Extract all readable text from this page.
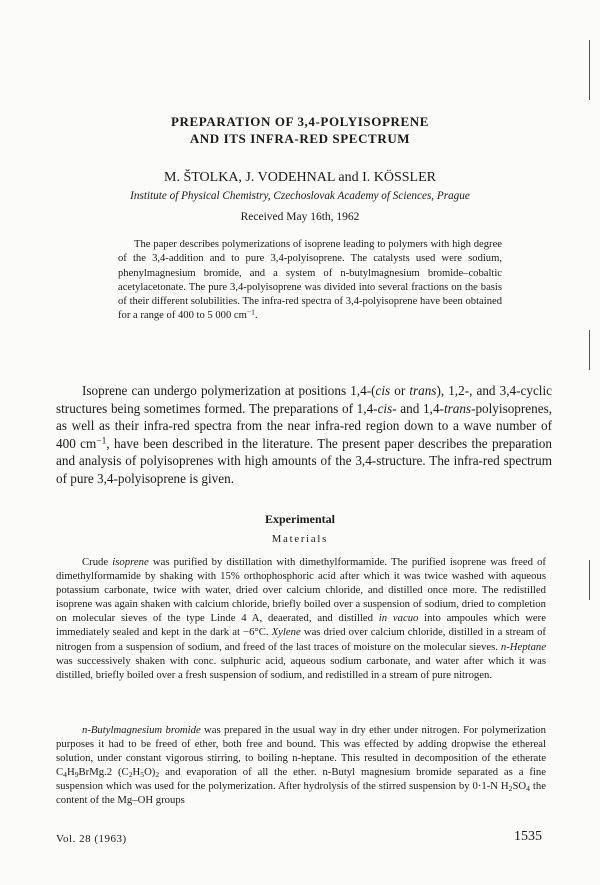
PREPARATION OF 3,4-POLYISOPRENE
AND ITS INFRA-RED SPECTRUM
M. ŠTOLKA, J. VODEHNAL and I. KÖSSLER
Institute of Physical Chemistry, Czechoslovak Academy of Sciences, Prague
Received May 16th, 1962
The paper describes polymerizations of isoprene leading to polymers with high degree of the 3,4-addition and to pure 3,4-polyisoprene. The catalysts used were sodium, phenylmagnesium bromide, and a system of n-butylmagnesium bromide–cobaltic acetylacetonate. The pure 3,4-polyisoprene was divided into several fractions on the basis of their different solubilities. The infra-red spectra of 3,4-polyisoprene have been obtained for a range of 400 to 5 000 $cm^{-1}$.
Isoprene can undergo polymerization at positions 1,4-(cis or trans), 1,2-, and 3,4-cyclic structures being sometimes formed. The preparations of 1,4-cis- and 1,4-trans-polyisoprenes, as well as their infra-red spectra from the near infra-red region down to a wave number of 400 $cm^{-1}$, have been described in the literature. The present paper describes the preparation and analysis of polyisoprenes with high amounts of the 3,4-structure. The infra-red spectrum of pure 3,4-polyisoprene is given.
Experimental
Materials
Crude isoprene was purified by distillation with dimethylformamide. The purified isoprene was freed of dimethylformamide by shaking with 15% orthophosphoric acid after which it was twice washed with aqueous potassium carbonate, twice with water, dried over calcium chloride, and distilled once more. The redistilled isoprene was again shaken with calcium chloride, briefly boiled over a suspension of sodium, dried to completion on molecular sieves of the type Linde 4 A, deaerated, and distilled in vacuo into ampoules which were immediately sealed and kept in the dark at −6°C. Xylene was dried over calcium chloride, distilled in a stream of nitrogen from a suspension of sodium, and freed of the last traces of moisture on the molecular sieves. n-Heptane was successively shaken with conc. sulphuric acid, aqueous sodium carbonate, and water after which it was distilled, briefly boiled over a fresh suspension of sodium, and redistilled in a stream of pure nitrogen.
n-Butylmagnesium bromide was prepared in the usual way in dry ether under nitrogen. For polymerization purposes it had to be freed of ether, both free and bound. This was effected by adding dropwise the ethereal solution, under constant vigorous stirring, to boiling n-heptane. This resulted in decomposition of the etherate $C_4H_9BrMg.2$ $(C_2H_5O)_2$ and evaporation of all the ether. n-Butyl magnesium bromide separated as a fine suspension which was used for the polymerization. After hydrolysis of the stirred suspension by 0·1-N $H_2SO_4$ the content of the Mg–OH groups
Vol. 28 (1963)	1535
